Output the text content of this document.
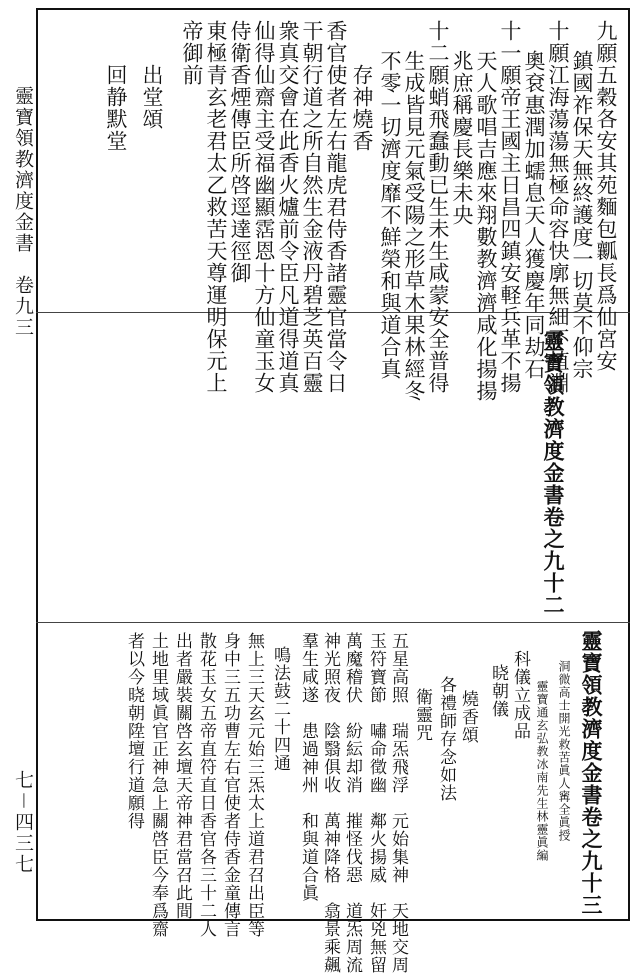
靈寶領教濟度金書　卷九三
七－四三七
九願五穀各安其苑麵包瓤長爲仙宮安
鎮國祚保天無終護度一切莫不仰宗
十願江海蕩蕩無極命容快廓無細不植淵
奧袞惠潤加蠕息天人獲慶年同劫石
十一願帝王國主日昌四鎮安軽兵革不揚
天人歌唱吉應來翔數教濟濟咸化揚揚
兆庶稱慶長樂未央
十二願蛸飛蠢動已生未生咸蒙安全普得
生成皆見元氣受陽之形草木果林經冬
不零一切濟度靡不鮮榮和與道合真
存神燒香
香官使者左右龍虎君侍香諸靈官當令日
干朝行道之所自然生金液丹碧芝英百靈
衆真交會在此香火爐前令臣凡道得道真
仙得仙齋主受福幽顯霑恩十方仙童玉女
侍衛香煙傳臣所啓逕達徑御
東極青玄老君太乙救苦天尊運明保元上
帝御前
出堂頌
回静默堂
靈寶領教濟度金書卷之九十二
靈寶領教濟度金書卷之九十三
洞微高士開光救苦眞人寗全眞授
靈寶通玄弘教冰南先生林靈眞編
科儀立成品
晓朝儀
燒香頌
各禮師存念如法
衛靈咒
五星高照　瑞炁飛浮　元始集神　天地交周
玉符寶節　嘯命徵幽　鄰火揚威　奸兇無留
萬魔稽伏　紛紜却消　摧怪伐惡　道炁周流
神光照夜　陰翳俱收　萬神降格　翕景乘飆
羣生咸遂　患過神州　和與道合眞
鳴法鼓二十四通
無上三天玄元始三炁太上道君召出臣等
身中三五功曹左右官使者侍香金童傳言
散花玉女五帝直符直日香官各三十二人
出者嚴裝關啓玄壇天帝神君當召此間
土地里域眞官正神急上關啓臣今奉爲齋
者以今晓朝陞壇行道願得
